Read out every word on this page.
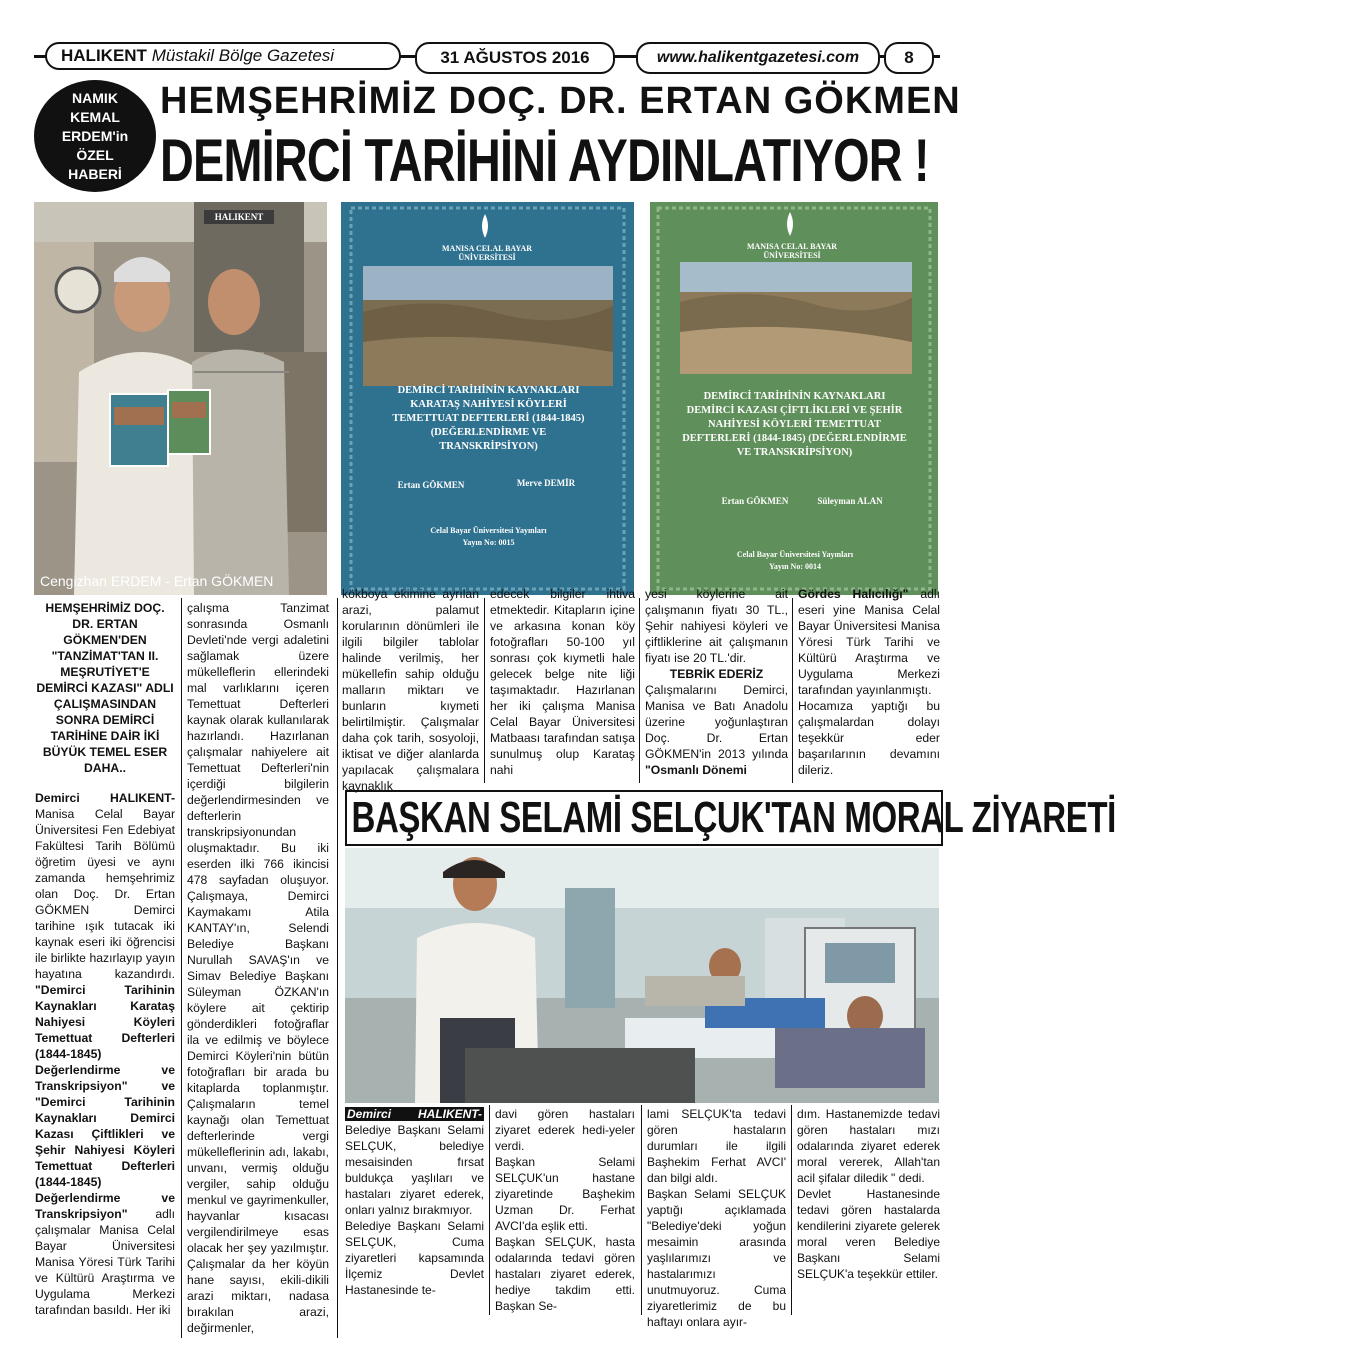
HALIKENT
Müstakil Bölge Gazetesi	31 AĞUSTOS 2016	www.halikentgazetesi.com	8
NAMIK
KEMAL
ERDEM'in
ÖZEL
HABERİ
HEMŞEHRİMİZ DOÇ. DR. ERTAN GÖKMEN
DEMİRCİ TARİHİNİ AYDINLATIYOR !
HALIKENT
Cengizhan ERDEM - Ertan GÖKMEN
MANISA CELAL BAYAR ÜNİVERSİTESİ
DEMİRCİ TARİHİNİN KAYNAKLARI KARATAŞ NAHİYESİ KÖYLERİ TEMETTUAT DEFTERLERİ (1844-1845) (DEĞERLENDİRME VE TRANSKRİPSİYON)
Ertan GÖKMEN	Merve DEMİR
Celal Bayar Üniversitesi Yayınları
Yayın No: 0015
MANISA CELAL BAYAR ÜNİVERSİTESİ
DEMİRCİ TARİHİNİN KAYNAKLARI DEMİRCİ KAZASI ÇİFTLİKLERİ VE ŞEHİR NAHİYESİ KÖYLERİ TEMETTUAT DEFTERLERİ (1844-1845) (DEĞERLENDİRME VE TRANSKRİPSİYON)
Ertan GÖKMEN	Süleyman ALAN
Celal Bayar Üniversitesi Yayınları
Yayın No: 0014

HEMŞEHRİMİZ DOÇ. DR. ERTAN GÖKMEN'DEN "TANZİMAT'TAN II. MEŞRUTİYET'E DEMİRCİ KAZASI" ADLI ÇALIŞMASINDAN SONRA DEMİRCİ TARİHİNE DAİR İKİ BÜYÜK TEMEL ESER DAHA..

Demirci HALIKENT- Manisa Celal Bayar Üniversitesi Fen Edebiyat Fakültesi Tarih Bölümü öğretim üyesi ve aynı zamanda hemşehrimiz olan Doç. Dr. Ertan GÖKMEN Demirci tarihine ışık tutacak iki kaynak eseri iki öğrencisi ile birlikte hazırlayıp yayın hayatına kazandırdı. "Demirci Tarihinin Kaynakları Karataş Nahiyesi Köyleri Temettuat Defterleri (1844-1845) Değerlendirme ve Transkripsiyon" ve "Demirci Tarihinin Kaynakları Demirci Kazası Çiftlikleri ve Şehir Nahiyesi Köyleri Temettuat Defterleri (1844-1845) Değerlendirme ve Transkripsiyon" adlı çalışmalar Manisa Celal Bayar Üniversitesi Manisa Yöresi Türk Tarihi ve Kültürü Araştırma ve Uygulama Merkezi tarafından basıldı. Her iki

çalışma Tanzimat sonrasında Osmanlı Devleti'nde vergi adaletini sağlamak üzere mükelleflerin ellerindeki mal varlıklarını içeren Temettuat Defterleri kaynak olarak kullanılarak hazırlandı. Hazırlanan çalışmalar nahiyelere ait Temettuat Defterleri'nin içerdiği bilgilerin değerlendirmesinden ve defterlerin transkripsiyonundan oluşmaktadır. Bu iki eserden ilki 766 ikincisi 478 sayfadan oluşuyor. Çalışmaya, Demirci Kaymakamı Atila KANTAY'ın, Selendi Belediye Başkanı Nurullah SAVAŞ'ın ve Simav Belediye Başkanı Süleyman ÖZKAN'ın köylere ait çektirip gönderdikleri fotoğraflar ila ve edilmiş ve böylece Demirci Köyleri'nin bütün fotoğrafları bir arada bu kitaplarda toplanmıştır. Çalışmaların temel kaynağı olan Temettuat defterlerinde vergi mükelleflerinin adı, lakabı, unvanı, vermiş olduğu vergiler, sahip olduğu menkul ve gayrimenkuller, hayvanlar kısacası vergilendirilmeye esas olacak her şey yazılmıştır. Çalışmalar da her köyün hane sayısı, ekili-dikili arazi miktarı, nadasa bırakılan arazi, değirmenler,

kökboya ekimine ayrılan arazi, palamut korularının dönümleri ile ilgili bilgiler tablolar halinde verilmiş, her mükellefin sahip olduğu malların miktarı ve bunların kıymeti belirtilmiştir. Çalışmalar daha çok tarih, sosyoloji, iktisat ve diğer alanlarda yapılacak çalışmalara kaynaklık

edecek bilgiler ihtiva etmektedir. Kitapların içine ve arkasına konan köy fotoğrafları 50-100 yıl sonrası çok kıymetli hale gelecek belge nite liği taşımaktadır. Hazırlanan her iki çalışma Manisa Celal Bayar Üniversitesi Matbaası tarafından satışa sunulmuş olup Karataş nahi

yesi köylerine ait çalışmanın fiyatı 30 TL., Şehir nahiyesi köyleri ve çiftliklerine ait çalışmanın fiyatı ise 20 TL.'dir.

TEBRİK EDERİZ

Çalışmalarını Demirci, Manisa ve Batı Anadolu üzerine yoğunlaştıran Doç. Dr. Ertan GÖKMEN'in 2013 yılında "Osmanlı Dönemi

Gördes Halıcılığı" adlı eseri yine Manisa Celal Bayar Üniversitesi Manisa Yöresi Türk Tarihi ve Kültürü Araştırma ve Uygulama Merkezi tarafından yayınlanmıştı.

Hocamıza yaptığı bu çalışmalardan dolayı teşekkür eder başarılarının devamını dileriz.

BAŞKAN SELAMİ SELÇUK'TAN MORAL ZİYARETİ

Demirci HALIKENT- Belediye Başkanı Selami SELÇUK, belediye mesaisinden fırsat buldukça yaşlıları ve hastaları ziyaret ederek, onları yalnız bırakmıyor.

Belediye Başkanı Selami SELÇUK, Cuma ziyaretleri kapsamında İlçemiz Devlet Hastanesinde te-

davi gören hastaları ziyaret ederek hedi-yeler verdi.

Başkan Selami SELÇUK'un hastane ziyaretinde Başhekim Uzman Dr. Ferhat AVCI'da eşlik etti.

Başkan SELÇUK, hasta odalarında tedavi gören hastaları ziyaret ederek, hediye takdim etti. Başkan Se-

lami SELÇUK'ta tedavi gören hastaların durumları ile ilgili Başhekim Ferhat AVCI' dan bilgi aldı.

Başkan Selami SELÇUK yaptığı açıklamada "Belediye'deki yoğun mesaimin arasında yaşlılarımızı ve hastalarımızı unutmuyoruz. Cuma ziyaretlerimiz de bu haftayı onlara ayır-

dım. Hastanemizde tedavi gören hastaları mızı odalarında ziyaret ederek moral vererek, Allah'tan acil şifalar diledik " dedi.

Devlet Hastanesinde tedavi gören hastalarda kendilerini ziyarete gelerek moral veren Belediye Başkanı Selami SELÇUK'a teşekkür ettiler.
